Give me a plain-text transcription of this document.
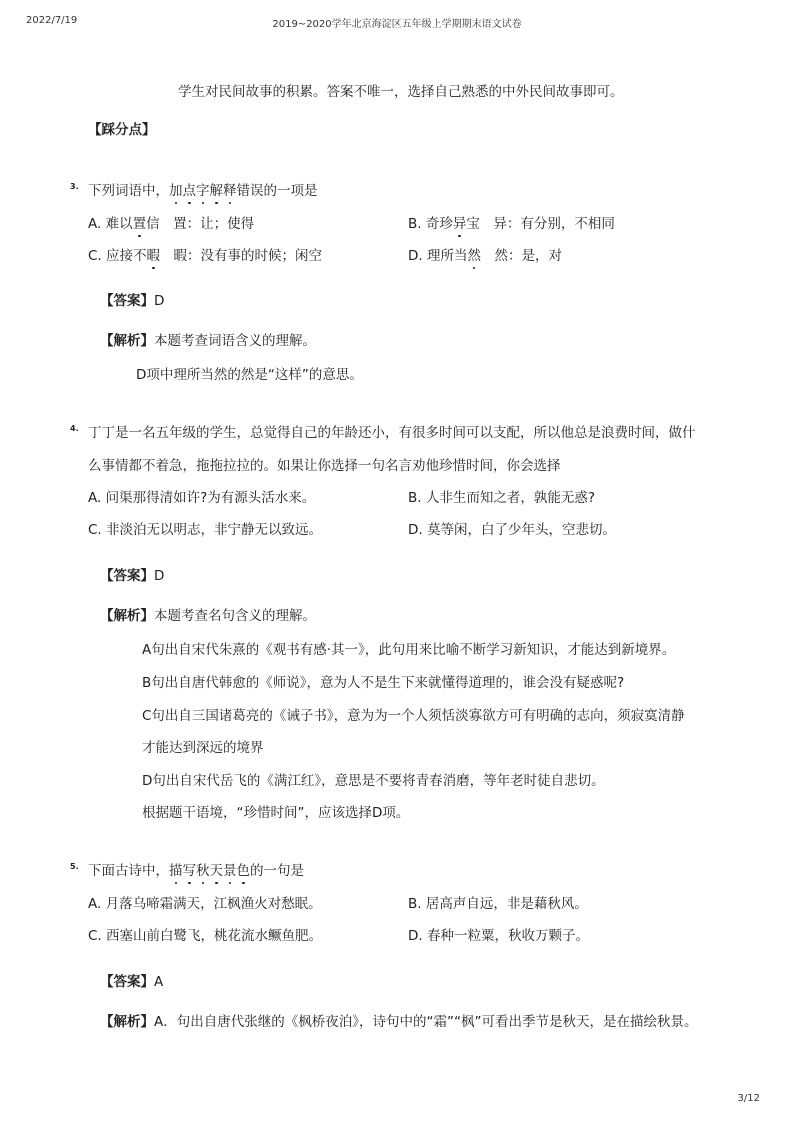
2022/7/19	2019~2020学年北京海淀区五年级上学期期末语文试卷
学生对民间故事的积累。答案不唯一，选择自己熟悉的中外民间故事即可。
【踩分点】
3. 下列词语中，加点字解释错误的一项是
A. 难以置信　置：让；使得	B. 奇珍异宝　异：有分别，不相同
C. 应接不暇　暇：没有事的时候；闲空	D. 理所当然　然：是，对
【答案】D
【解析】本题考查词语含义的理解。
D项中理所当然的然是“这样”的意思。
4. 丁丁是一名五年级的学生，总觉得自己的年龄还小，有很多时间可以支配，所以他总是浪费时间，做什
么事情都不着急，拖拖拉拉的。如果让你选择一句名言劝他珍惜时间，你会选择
A. 问渠那得清如许?为有源头活水来。	B. 人非生而知之者，孰能无惑?
C. 非淡泊无以明志，非宁静无以致远。	D. 莫等闲，白了少年头，空悲切。
【答案】D
【解析】本题考查名句含义的理解。
A句出自宋代朱熹的《观书有感·其一》，此句用来比喻不断学习新知识，才能达到新境界。
B句出自唐代韩愈的《师说》，意为人不是生下来就懂得道理的，谁会没有疑惑呢?
C句出自三国诸葛亮的《诫子书》，意为为一个人须恬淡寡欲方可有明确的志向，须寂寞清静
才能达到深远的境界
D句出自宋代岳飞的《满江红》，意思是不要将青春消磨，等年老时徒自悲切。
根据题干语境，“珍惜时间”，应该选择D项。
5. 下面古诗中，描写秋天景色的一句是
A. 月落乌啼霜满天，江枫渔火对愁眠。	B. 居高声自远，非是藉秋风。
C. 西塞山前白鹭飞，桃花流水鳜鱼肥。	D. 春种一粒粟，秋收万颗子。
【答案】A
【解析】A．句出自唐代张继的《枫桥夜泊》，诗句中的“霜”“枫”可看出季节是秋天，是在描绘秋景。
3/12
